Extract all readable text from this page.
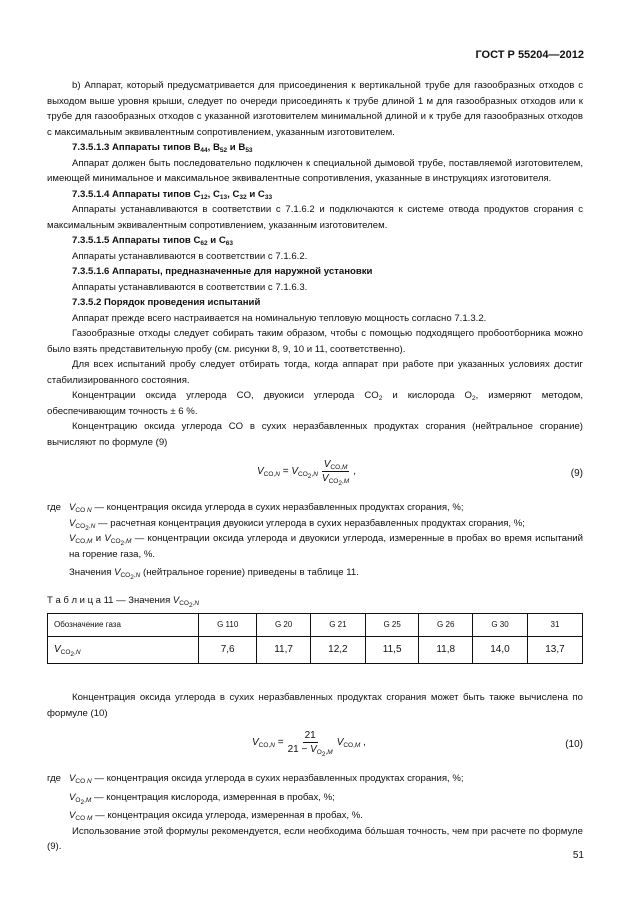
ГОСТ Р 55204—2012

b) Аппарат, который предусматривается для присоединения к вертикальной трубе для газообразных отходов с выходом выше уровня крыши, следует по очереди присоединять к трубе длиной 1 м для газообразных отходов или к трубе для газообразных отходов с указанной изготовителем минимальной длиной и к трубе для газообразных отходов с максимальным эквивалентным сопротивлением, указанным изготовителем.

7.3.5.1.3 Аппараты типов $B_{44}$, $B_{52}$ и $B_{53}$

Аппарат должен быть последовательно подключен к специальной дымовой трубе, поставляемой изготовителем, имеющей минимальное и максимальное эквивалентные сопротивления, указанные в инструкциях изготовителя.

7.3.5.1.4 Аппараты типов $C_{12}$, $C_{13}$, $C_{32}$ и $C_{33}$

Аппараты устанавливаются в соответствии с 7.1.6.2 и подключаются к системе отвода продуктов сгорания с максимальным эквивалентным сопротивлением, указанным изготовителем.

7.3.5.1.5 Аппараты типов $C_{62}$ и $C_{63}$

Аппараты устанавливаются в соответствии с 7.1.6.2.

7.3.5.1.6 Аппараты, предназначенные для наружной установки

Аппараты устанавливаются в соответствии с 7.1.6.3.

7.3.5.2 Порядок проведения испытаний

Аппарат прежде всего настраивается на номинальную тепловую мощность согласно 7.1.3.2.

Газообразные отходы следует собирать таким образом, чтобы с помощью подходящего пробоотборника можно было взять представительную пробу (см. рисунки 8, 9, 10 и 11, соответственно).

Для всех испытаний пробу следует отбирать тогда, когда аппарат при работе при указанных условиях достиг стабилизированного состояния.

Концентрации оксида углерода CO, двуокиси углерода $CO_2$ и кислорода $O_2$, измеряют методом, обеспечивающим точность ± 6 %.

Концентрацию оксида углерода CO в сухих неразбавленных продуктах сгорания (нейтральное сгорание) вычисляют по формуле (9)

$V_{CO,N} = V_{CO_2,N} \frac{V_{CO,M}}{V_{CO_2,M}}$ ,	(9)
где $V_{CO N}$ — концентрация оксида углерода в сухих неразбавленных продуктах сгорания, %;

$V_{CO_2,N}$ — расчетная концентрация двуокиси углерода в сухих неразбавленных продуктах сгорания, %;

$V_{CO,M}$ и $V_{CO_2,M}$ — концентрации оксида углерода и двуокиси углерода, измеренные в пробах во время испытаний на горение газа, %.

Значения $V_{CO_2,N}$ (нейтральное горение) приведены в таблице 11.

Т а б л и ц а 11 — Значения $V_{CO_2,N}$
Обозначение газа	G 110	G 20	G 21	G 25	G 26	G 30	31
$V_{CO_2,N}$	7,6	11,7	12,2	11,5	11,8	14,0	13,7

Концентрация оксида углерода в сухих неразбавленных продуктах сгорания может быть также вычислена по формуле (10)

$V_{CO,N} = \frac{21}{21 - V_{O_2,M}} V_{CO,M}$ ,	(10)
где $V_{CO N}$ — концентрация оксида углерода в сухих неразбавленных продуктах сгорания, %;

$V_{O_2,M}$ — концентрация кислорода, измеренная в пробах, %;

$V_{CO M}$ — концентрация оксида углерода, измеренная в пробах, %.

Использование этой формулы рекомендуется, если необходима бо́льшая точность, чем при расчете по формуле (9).

51
